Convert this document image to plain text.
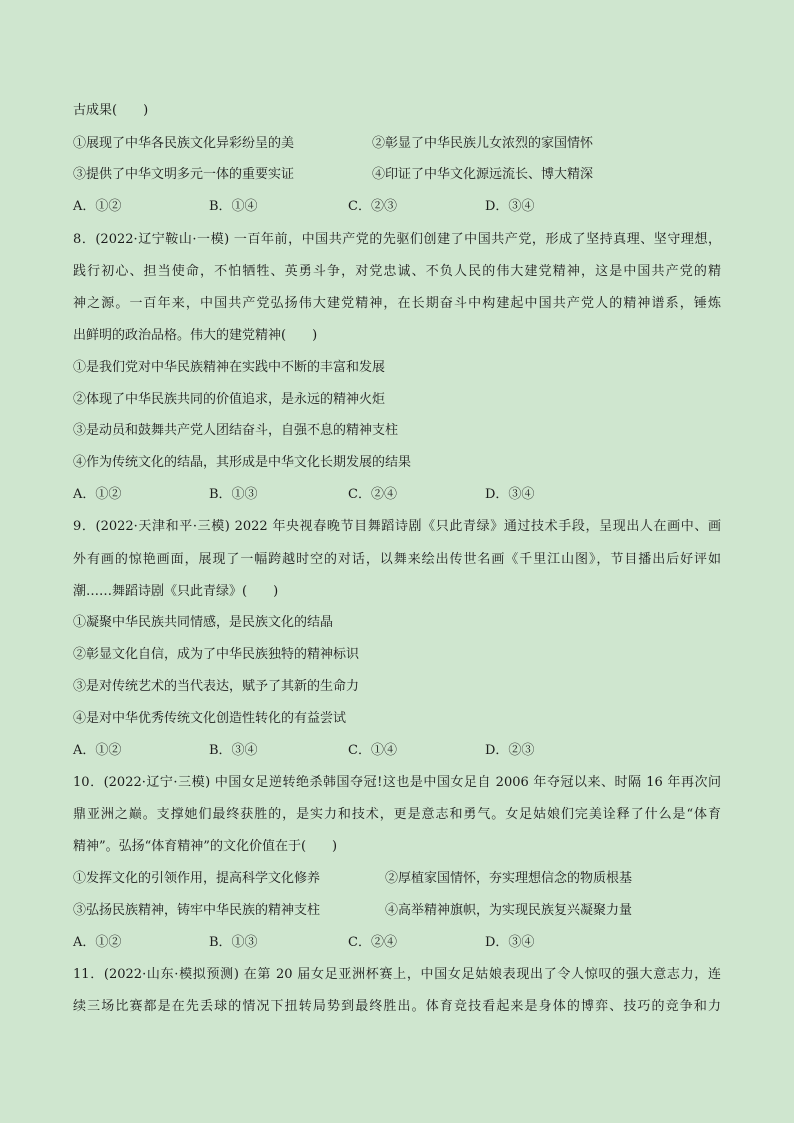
古成果(　　)
①展现了中华各民族文化异彩纷呈的美	②彰显了中华民族儿女浓烈的家国情怀
③提供了中华文明多元一体的重要实证	④印证了中华文化源远流长、博大精深
A．①②	B．①④	C．②③	D．③④
8．(2022·辽宁鞍山·一模) 一百年前，中国共产党的先驱们创建了中国共产党，形成了坚持真理、坚守理想，
践行初心、担当使命，不怕牺牲、英勇斗争，对党忠诚、不负人民的伟大建党精神，这是中国共产党的精
神之源。一百年来，中国共产党弘扬伟大建党精神，在长期奋斗中构建起中国共产党人的精神谱系，锤炼
出鲜明的政治品格。伟大的建党精神(　　)
①是我们党对中华民族精神在实践中不断的丰富和发展
②体现了中华民族共同的价值追求，是永远的精神火炬
③是动员和鼓舞共产党人团结奋斗，自强不息的精神支柱
④作为传统文化的结晶，其形成是中华文化长期发展的结果
A．①②	B．①③	C．②④	D．③④
9．(2022·天津和平·三模) 2022 年央视春晚节目舞蹈诗剧《只此青绿》通过技术手段，呈现出人在画中、画
外有画的惊艳画面，展现了一幅跨越时空的对话，以舞来绘出传世名画《千里江山图》，节目播出后好评如
潮……舞蹈诗剧《只此青绿》(　　)
①凝聚中华民族共同情感，是民族文化的结晶
②彰显文化自信，成为了中华民族独特的精神标识
③是对传统艺术的当代表达，赋予了其新的生命力
④是对中华优秀传统文化创造性转化的有益尝试
A．①②	B．③④	C．①④	D．②③
10．(2022·辽宁·三模) 中国女足逆转绝杀韩国夺冠!这也是中国女足自 2006 年夺冠以来、时隔 16 年再次问
鼎亚洲之巅。支撑她们最终获胜的，是实力和技术，更是意志和勇气。女足姑娘们完美诠释了什么是“体育
精神”。弘扬“体育精神”的文化价值在于(　　)
①发挥文化的引领作用，提高科学文化修养	②厚植家国情怀，夯实理想信念的物质根基
③弘扬民族精神，铸牢中华民族的精神支柱	④高举精神旗帜，为实现民族复兴凝聚力量
A．①②	B．①③	C．②④	D．③④
11．(2022·山东·模拟预测) 在第 20 届女足亚洲杯赛上，中国女足姑娘表现出了令人惊叹的强大意志力，连
续三场比赛都是在先丢球的情况下扭转局势到最终胜出。体育竞技看起来是身体的博弈、技巧的竞争和力
